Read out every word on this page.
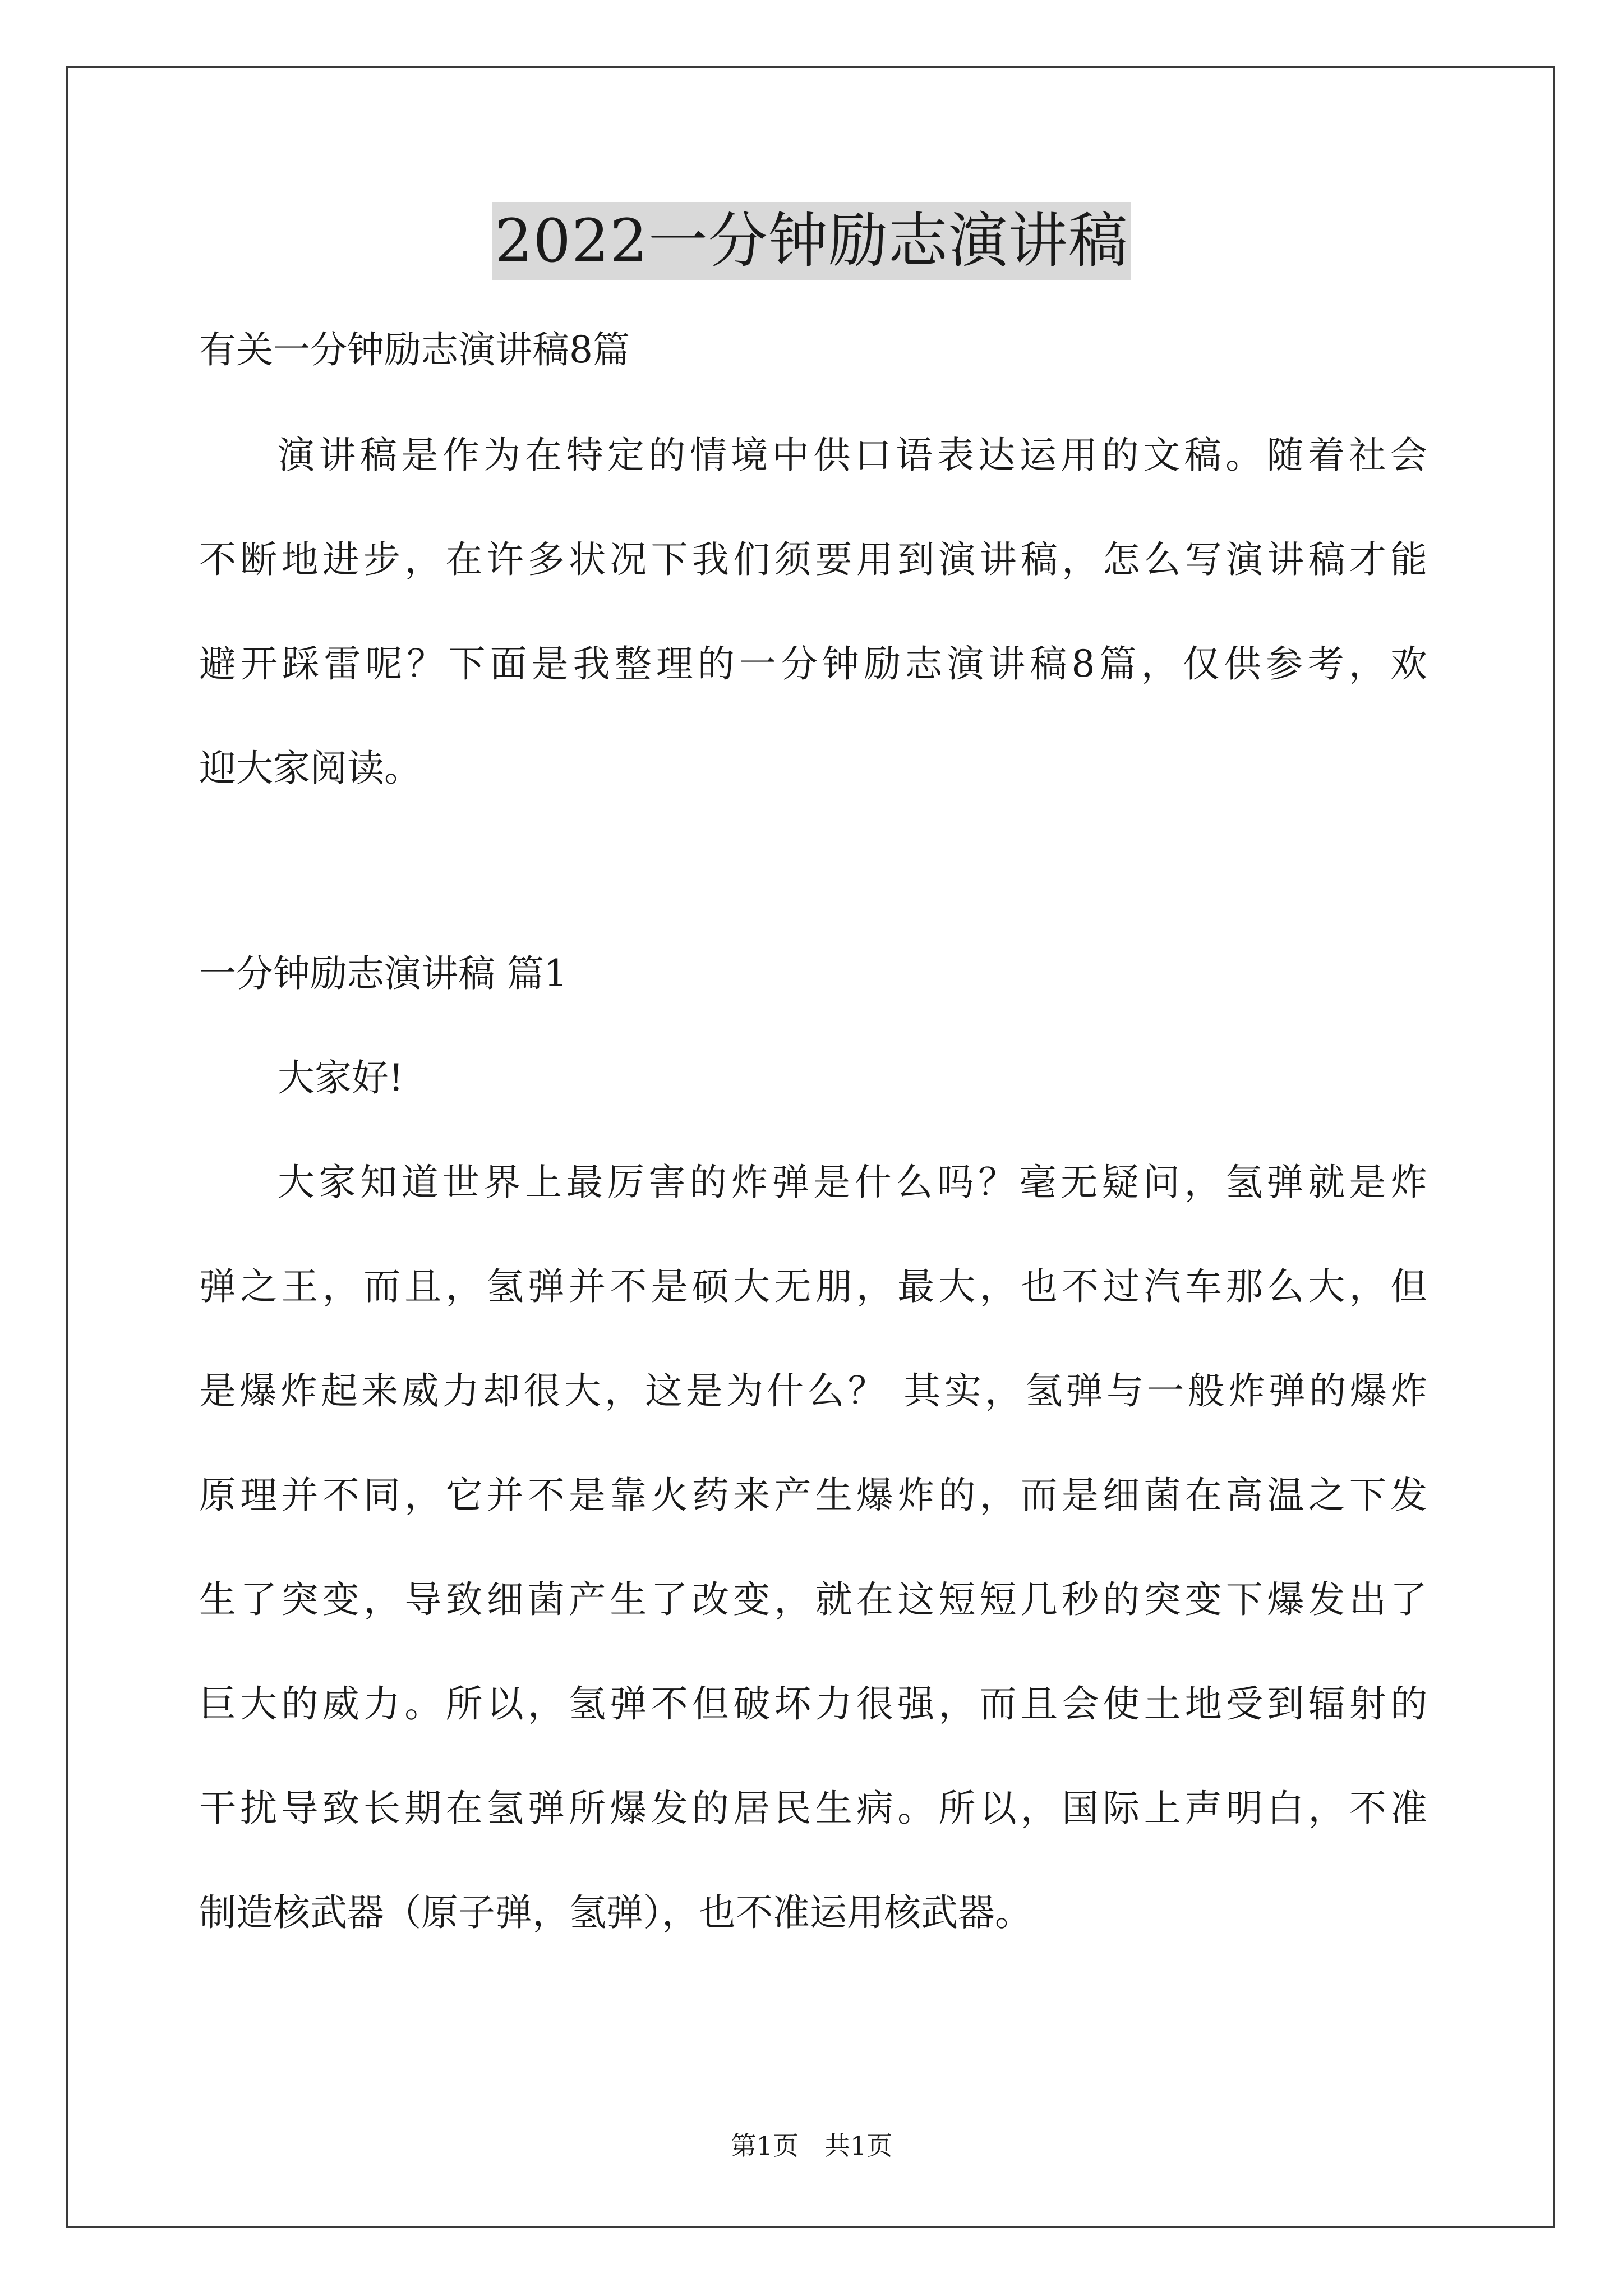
2022一分钟励志演讲稿
有关一分钟励志演讲稿8篇
演讲稿是作为在特定的情境中供口语表达运用的文稿。随着社会
不断地进步，在许多状况下我们须要用到演讲稿，怎么写演讲稿才能
避开踩雷呢？下面是我整理的一分钟励志演讲稿8篇，仅供参考，欢
迎大家阅读。
一分钟励志演讲稿 篇1
大家好!
大家知道世界上最厉害的炸弹是什么吗？毫无疑问，氢弹就是炸
弹之王，而且，氢弹并不是硕大无朋，最大，也不过汽车那么大，但
是爆炸起来威力却很大，这是为什么？ 其实，氢弹与一般炸弹的爆炸
原理并不同，它并不是靠火药来产生爆炸的，而是细菌在高温之下发
生了突变，导致细菌产生了改变，就在这短短几秒的突变下爆发出了
巨大的威力。所以，氢弹不但破坏力很强，而且会使土地受到辐射的
干扰导致长期在氢弹所爆发的居民生病。所以，国际上声明白，不准
制造核武器（原子弹，氢弹），也不准运用核武器。
第1页　共1页
